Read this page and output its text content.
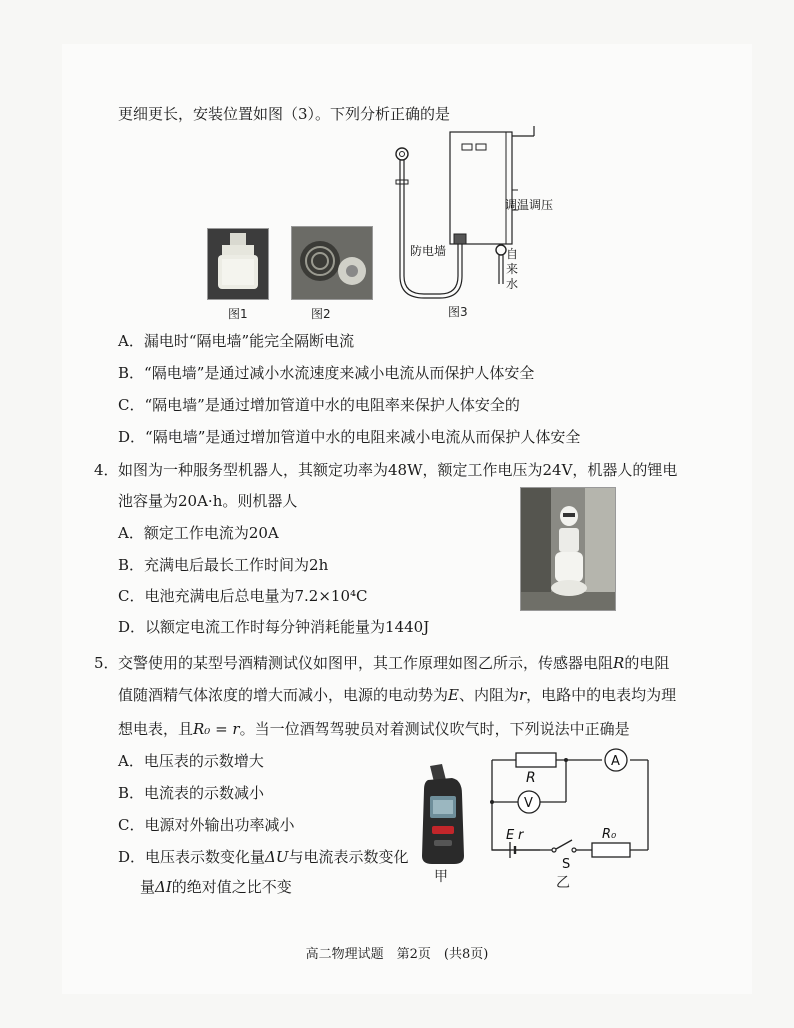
更细更长，安装位置如图（3）。下列分析正确的是
图1	图2
调温调压
防电墙	自
来
水
图3
A．漏电时“隔电墙”能完全隔断电流
B．“隔电墙”是通过减小水流速度来减小电流从而保护人体安全
C．“隔电墙”是通过增加管道中水的电阻率来保护人体安全的
D．“隔电墙”是通过增加管道中水的电阻来减小电流从而保护人体安全
4． 如图为一种服务型机器人，其额定功率为48W，额定工作电压为24V，机器人的锂电
池容量为20A·h。则机器人
A．额定工作电流为20A
B．充满电后最长工作时间为2h
C．电池充满电后总电量为7.2×10⁴C
D．以额定电流工作时每分钟消耗能量为1440J
5． 交警使用的某型号酒精测试仪如图甲，其工作原理如图乙所示，传感器电阻R的电阻
值随酒精气体浓度的增大而减小，电源的电动势为E、内阻为r，电路中的电表均为理
想电表，且R₀ = r。当一位酒驾驾驶员对着测试仪吹气时，下列说法中正确是
A．电压表的示数增大
B．电流表的示数减小
C．电源对外输出功率减小
D．电压表示数变化量ΔU与电流表示数变化
量ΔI的绝对值之比不变
甲
R
A
V
E r
S
R₀
乙
高二物理试题　第2页　(共8页)
